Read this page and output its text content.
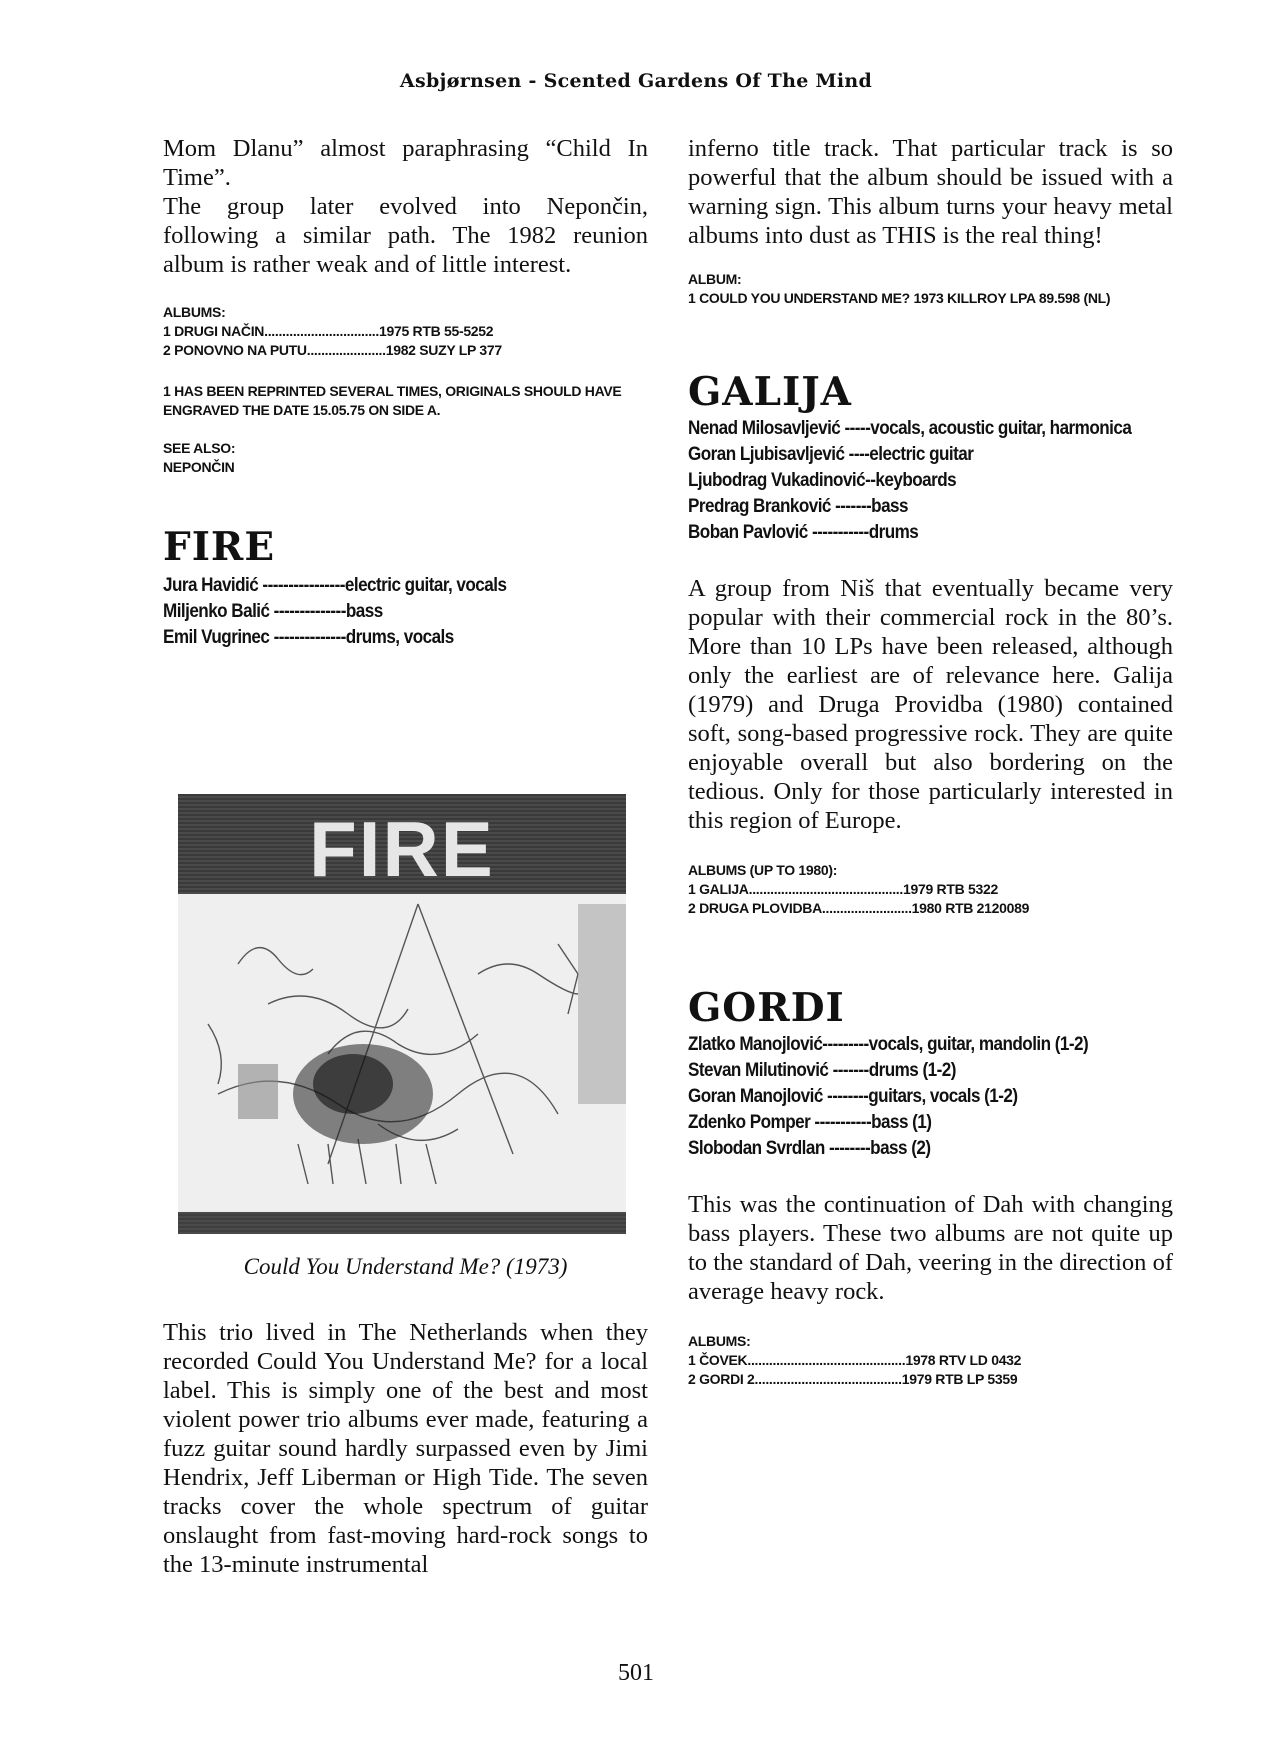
Asbjørnsen - Scented Gardens Of The Mind

Mom Dlanu” almost paraphrasing “Child In Time”.

The group later evolved into Nepončin, following a similar path. The 1982 reunion album is rather weak and of little interest.

ALBUMS:

1 DRUGI NAČIN................................1975 RTB 55-5252

2 PONOVNO NA PUTU......................1982 SUZY LP 377

1 HAS BEEN REPRINTED SEVERAL TIMES, ORIGINALS SHOULD HAVE ENGRAVED THE DATE 15.05.75 ON SIDE A.

SEE ALSO:

NEPONČIN

FIRE
Jura Havidić ----------------electric guitar, vocals
Miljenko Balić --------------bass
Emil Vugrinec --------------drums, vocals
FIRE
Could You Understand Me? (1973)

This trio lived in The Netherlands when they recorded Could You Understand Me? for a local label. This is simply one of the best and most violent power trio albums ever made, featuring a fuzz guitar sound hardly surpassed even by Jimi Hendrix, Jeff Liberman or High Tide. The seven tracks cover the whole spectrum of guitar onslaught from fast-moving hard-rock songs to the 13-minute instrumental

inferno title track. That particular track is so powerful that the album should be issued with a warning sign. This album turns your heavy metal albums into dust as THIS is the real thing!

ALBUM:

1 COULD YOU UNDERSTAND ME? 1973 KILLROY LPA 89.598 (NL)

GALIJA
Nenad Milosavljević -----vocals, acoustic guitar, harmonica
Goran Ljubisavljević ----electric guitar
Ljubodrag Vukadinović--keyboards
Predrag Branković -------bass
Boban Pavlović -----------drums

A group from Niš that eventually became very popular with their commercial rock in the 80’s. More than 10 LPs have been released, although only the earliest are of relevance here. Galija (1979) and Druga Providba (1980) contained soft, song-based progressive rock. They are quite enjoyable overall but also bordering on the tedious. Only for those particularly interested in this region of Europe.

ALBUMS (UP TO 1980):

1 GALIJA...........................................1979 RTB 5322

2 DRUGA PLOVIDBA.........................1980 RTB 2120089

GORDI
Zlatko Manojlović---------vocals, guitar, mandolin (1-2)
Stevan Milutinović -------drums (1-2)
Goran Manojlović --------guitars, vocals (1-2)
Zdenko Pomper -----------bass (1)
Slobodan Svrdlan --------bass (2)

This was the continuation of Dah with changing bass players. These two albums are not quite up to the standard of Dah, veering in the direction of average heavy rock.

ALBUMS:

1 ČOVEK............................................1978 RTV LD 0432

2 GORDI 2.........................................1979 RTB LP 5359

501
